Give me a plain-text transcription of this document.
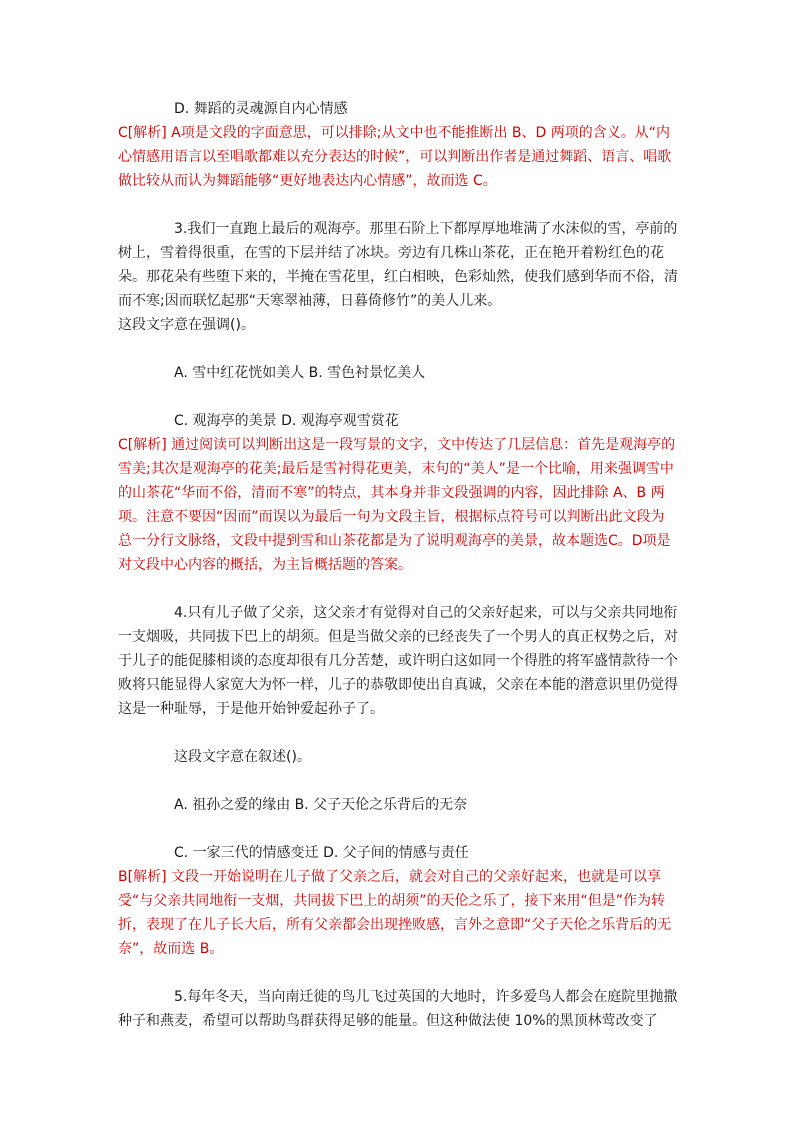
D. 舞蹈的灵魂源自内心情感

C[解析] A项是文段的字面意思，可以排除;从文中也不能推断出 B、D 两项的含义。从“内心情感用语言以至唱歌都难以充分表达的时候”，可以判断出作者是通过舞蹈、语言、唱歌做比较从而认为舞蹈能够“更好地表达内心情感”，故而选 C。

3.我们一直跑上最后的观海亭。那里石阶上下都厚厚地堆满了水沫似的雪，亭前的树上，雪着得很重，在雪的下层并结了冰块。旁边有几株山茶花，正在艳开着粉红色的花朵。那花朵有些堕下来的，半掩在雪花里，红白相映，色彩灿然，使我们感到华而不俗，清而不寒;因而联忆起那“天寒翠袖薄，日暮倚修竹”的美人儿来。

这段文字意在强调()。

A. 雪中红花恍如美人 B. 雪色衬景忆美人

C. 观海亭的美景 D. 观海亭观雪赏花

C[解析] 通过阅读可以判断出这是一段写景的文字，文中传达了几层信息：首先是观海亭的雪美;其次是观海亭的花美;最后是雪衬得花更美，末句的“美人”是一个比喻，用来强调雪中的山茶花“华而不俗，清而不寒”的特点，其本身并非文段强调的内容，因此排除 A、B 两项。注意不要因“因而”而误以为最后一句为文段主旨，根据标点符号可以判断出此文段为总一分行文脉络，文段中提到雪和山茶花都是为了说明观海亭的美景，故本题选C。D项是对文段中心内容的概括，为主旨概括题的答案。

4.只有儿子做了父亲，这父亲才有觉得对自己的父亲好起来，可以与父亲共同地衔一支烟吸，共同拔下巴上的胡须。但是当做父亲的已经丧失了一个男人的真正权势之后，对于儿子的能促膝相谈的态度却很有几分苦楚，或许明白这如同一个得胜的将军盛情款待一个败将只能显得人家宽大为怀一样，儿子的恭敬即使出自真诚，父亲在本能的潜意识里仍觉得这是一种耻辱，于是他开始钟爱起孙子了。

这段文字意在叙述()。

A. 祖孙之爱的缘由 B. 父子天伦之乐背后的无奈

C. 一家三代的情感变迁 D. 父子间的情感与责任

B[解析] 文段一开始说明在儿子做了父亲之后，就会对自己的父亲好起来，也就是可以享受“与父亲共同地衔一支烟，共同拔下巴上的胡须”的天伦之乐了，接下来用“但是”作为转折，表现了在儿子长大后，所有父亲都会出现挫败感，言外之意即“父子天伦之乐背后的无奈”，故而选 B。

5.每年冬天，当向南迁徙的鸟儿飞过英国的大地时，许多爱鸟人都会在庭院里抛撒种子和燕麦，希望可以帮助鸟群获得足够的能量。但这种做法使 10%的黑顶林莺改变了
